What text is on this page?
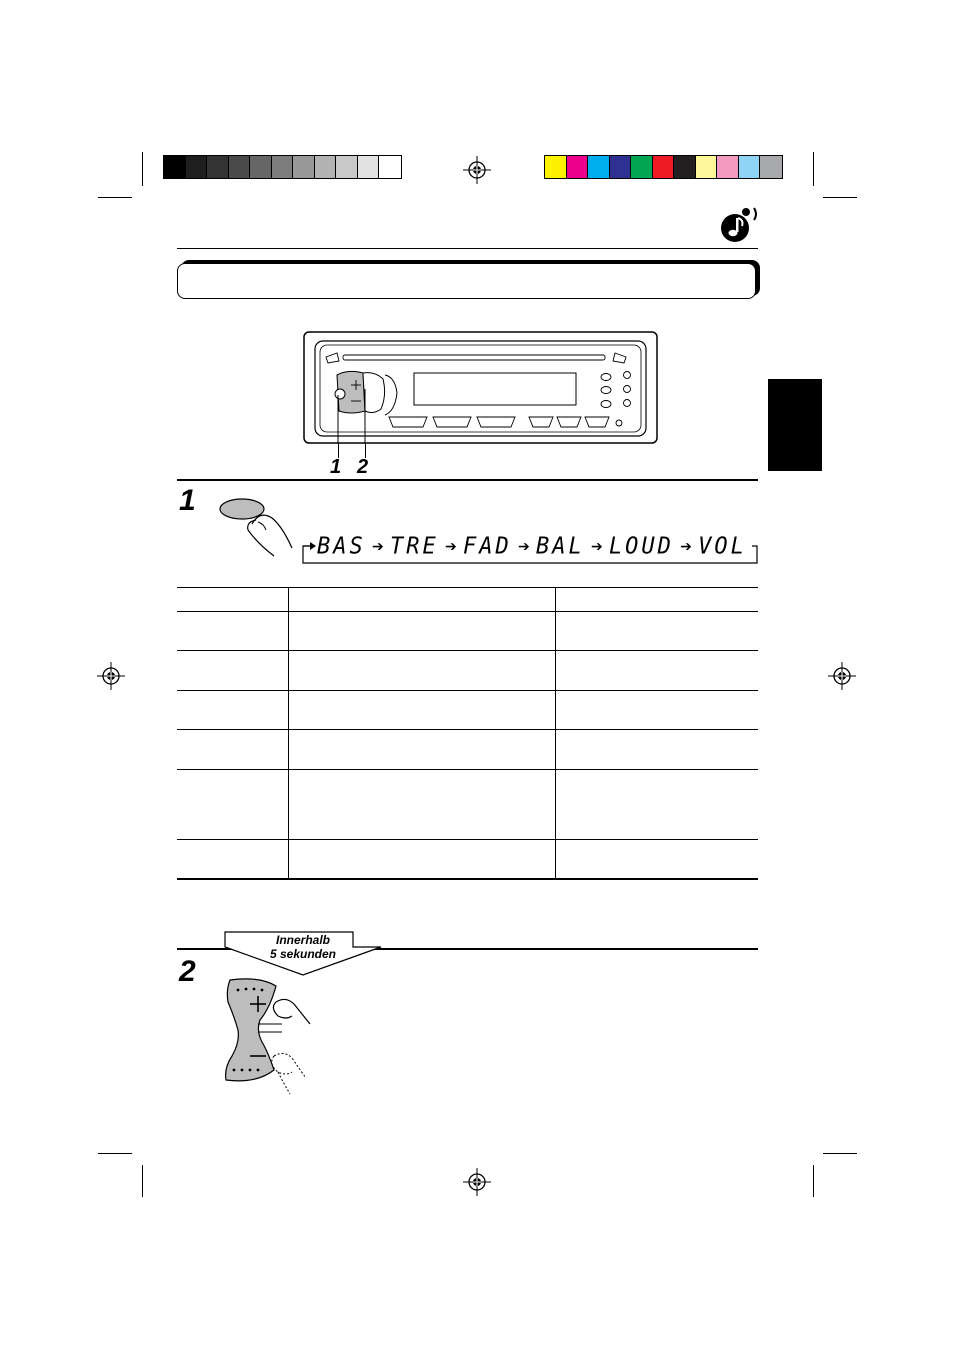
1 2
1
BAS ➔ TRE ➔ FAD ➔ BAL ➔ LOUD ➔ VOL

Innerhalb
5 sekunden
2
